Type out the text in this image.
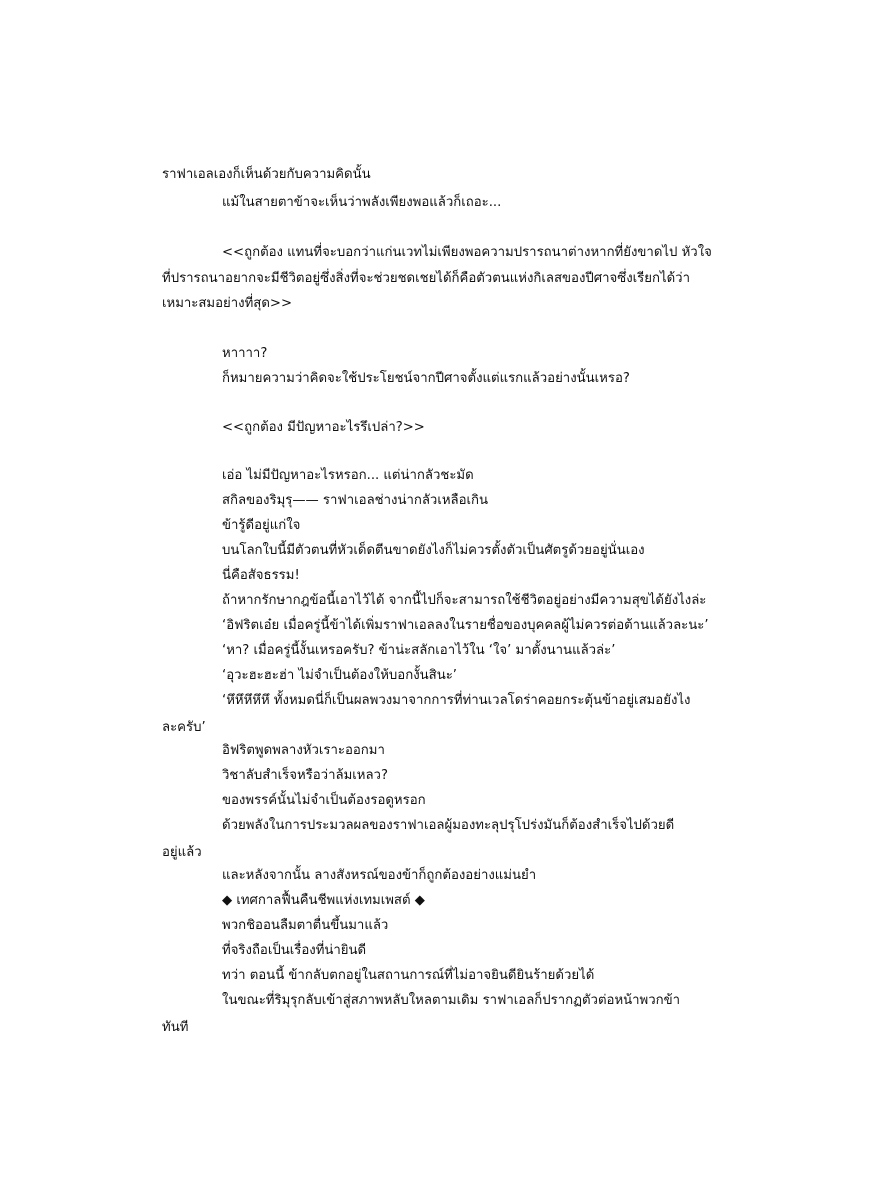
ราฟาเอลเองก็เห็นด้วยกับความคิดนั้น
แม้ในสายตาข้าจะเห็นว่าพลังเพียงพอแล้วก็เถอะ...
<<ถูกต้อง แทนที่จะบอกว่าแก่นเวทไม่เพียงพอความปรารถนาต่างหากที่ยังขาดไป หัวใจ
ที่ปรารถนาอยากจะมีชีวิตอยู่ซึ่งสิ่งที่จะช่วยชดเชยได้ก็คือตัวตนแห่งกิเลสของปีศาจซึ่งเรียกได้ว่า
เหมาะสมอย่างที่สุด>>
หาาาา?
ก็หมายความว่าคิดจะใช้ประโยชน์จากปีศาจตั้งแต่แรกแล้วอย่างนั้นเหรอ?
<<ถูกต้อง มีปัญหาอะไรรึเปล่า?>>
เอ่อ ไม่มีปัญหาอะไรหรอก... แต่น่ากลัวชะมัด
สกิลของริมุรุ—— ราฟาเอลช่างน่ากลัวเหลือเกิน
ข้ารู้ดีอยู่แก่ใจ
บนโลกใบนี้มีตัวตนที่หัวเด็ดตีนขาดยังไงก็ไม่ควรตั้งตัวเป็นศัตรูด้วยอยู่นั่นเอง
นี่คือสัจธรรม!
ถ้าหากรักษากฎข้อนี้เอาไว้ได้ จากนี้ไปก็จะสามารถใช้ชีวิตอยู่อย่างมีความสุขได้ยังไงล่ะ
‘อิฟริตเอ๋ย เมื่อครู่นี้ข้าได้เพิ่มราฟาเอลลงในรายชื่อของบุคคลผู้ไม่ควรต่อต้านแล้วละนะ’
‘หา? เมื่อครู่นี้งั้นเหรอครับ? ข้าน่ะสลักเอาไว้ใน ‘ใจ’ มาตั้งนานแล้วล่ะ’
‘อุวะฮะฮะฮ่า ไม่จำเป็นต้องให้บอกงั้นสินะ’
‘หึหึหึหึหึ ทั้งหมดนี่ก็เป็นผลพวงมาจากการที่ท่านเวลโดร่าคอยกระตุ้นข้าอยู่เสมอยังไง
ละครับ’
อิฟริตพูดพลางหัวเราะออกมา
วิชาลับสำเร็จหรือว่าล้มเหลว?
ของพรรค์นั้นไม่จำเป็นต้องรอดูหรอก
ด้วยพลังในการประมวลผลของราฟาเอลผู้มองทะลุปรุโปร่งมันก็ต้องสำเร็จไปด้วยดี
อยู่แล้ว
และหลังจากนั้น ลางสังหรณ์ของข้าก็ถูกต้องอย่างแม่นยำ
◆ เทศกาลฟื้นคืนชีพแห่งเทมเพสต์ ◆
พวกชิออนลืมตาตื่นขึ้นมาแล้ว
ที่จริงถือเป็นเรื่องที่น่ายินดี
ทว่า ตอนนี้ ข้ากลับตกอยู่ในสถานการณ์ที่ไม่อาจยินดียินร้ายด้วยได้
ในขณะที่ริมุรุกลับเข้าสู่สภาพหลับใหลตามเดิม ราฟาเอลก็ปรากฏตัวต่อหน้าพวกข้า
ทันที
